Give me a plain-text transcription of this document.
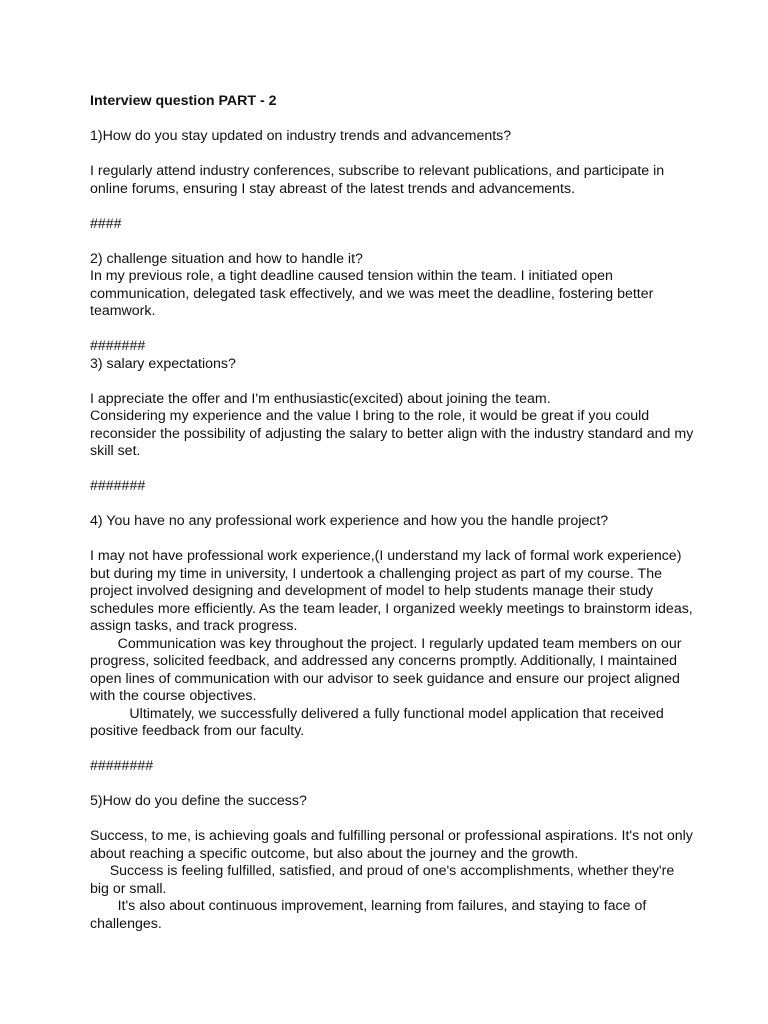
Interview question PART - 2
1)How do you stay updated on industry trends and advancements?
I regularly attend industry conferences, subscribe to relevant publications, and participate in
online forums, ensuring I stay abreast of the latest trends and advancements.
####
2) challenge situation and how to handle it?
In my previous role, a tight deadline caused tension within the team. I initiated open
communication, delegated task effectively, and we was meet the deadline, fostering better
teamwork.
#######
3) salary expectations?
I appreciate the offer and I'm enthusiastic(excited) about joining the team.
Considering my experience and the value I bring to the role, it would be great if you could
reconsider the possibility of adjusting the salary to better align with the industry standard and my
skill set.
#######
4) You have no any professional work experience and how you the handle project?
I may not have professional work experience,(I understand my lack of formal work experience)
but during my time in university, I undertook a challenging project as part of my course. The
project involved designing and development of model to help students manage their study
schedules more efficiently. As the team leader, I organized weekly meetings to brainstorm ideas,
assign tasks, and track progress.
Communication was key throughout the project. I regularly updated team members on our
progress, solicited feedback, and addressed any concerns promptly. Additionally, I maintained
open lines of communication with our advisor to seek guidance and ensure our project aligned
with the course objectives.
Ultimately, we successfully delivered a fully functional model application that received
positive feedback from our faculty.
########
5)How do you define the success?
Success, to me, is achieving goals and fulfilling personal or professional aspirations. It's not only
about reaching a specific outcome, but also about the journey and the growth.
Success is feeling fulfilled, satisfied, and proud of one's accomplishments, whether they're
big or small.
It's also about continuous improvement, learning from failures, and staying to face of
challenges.
